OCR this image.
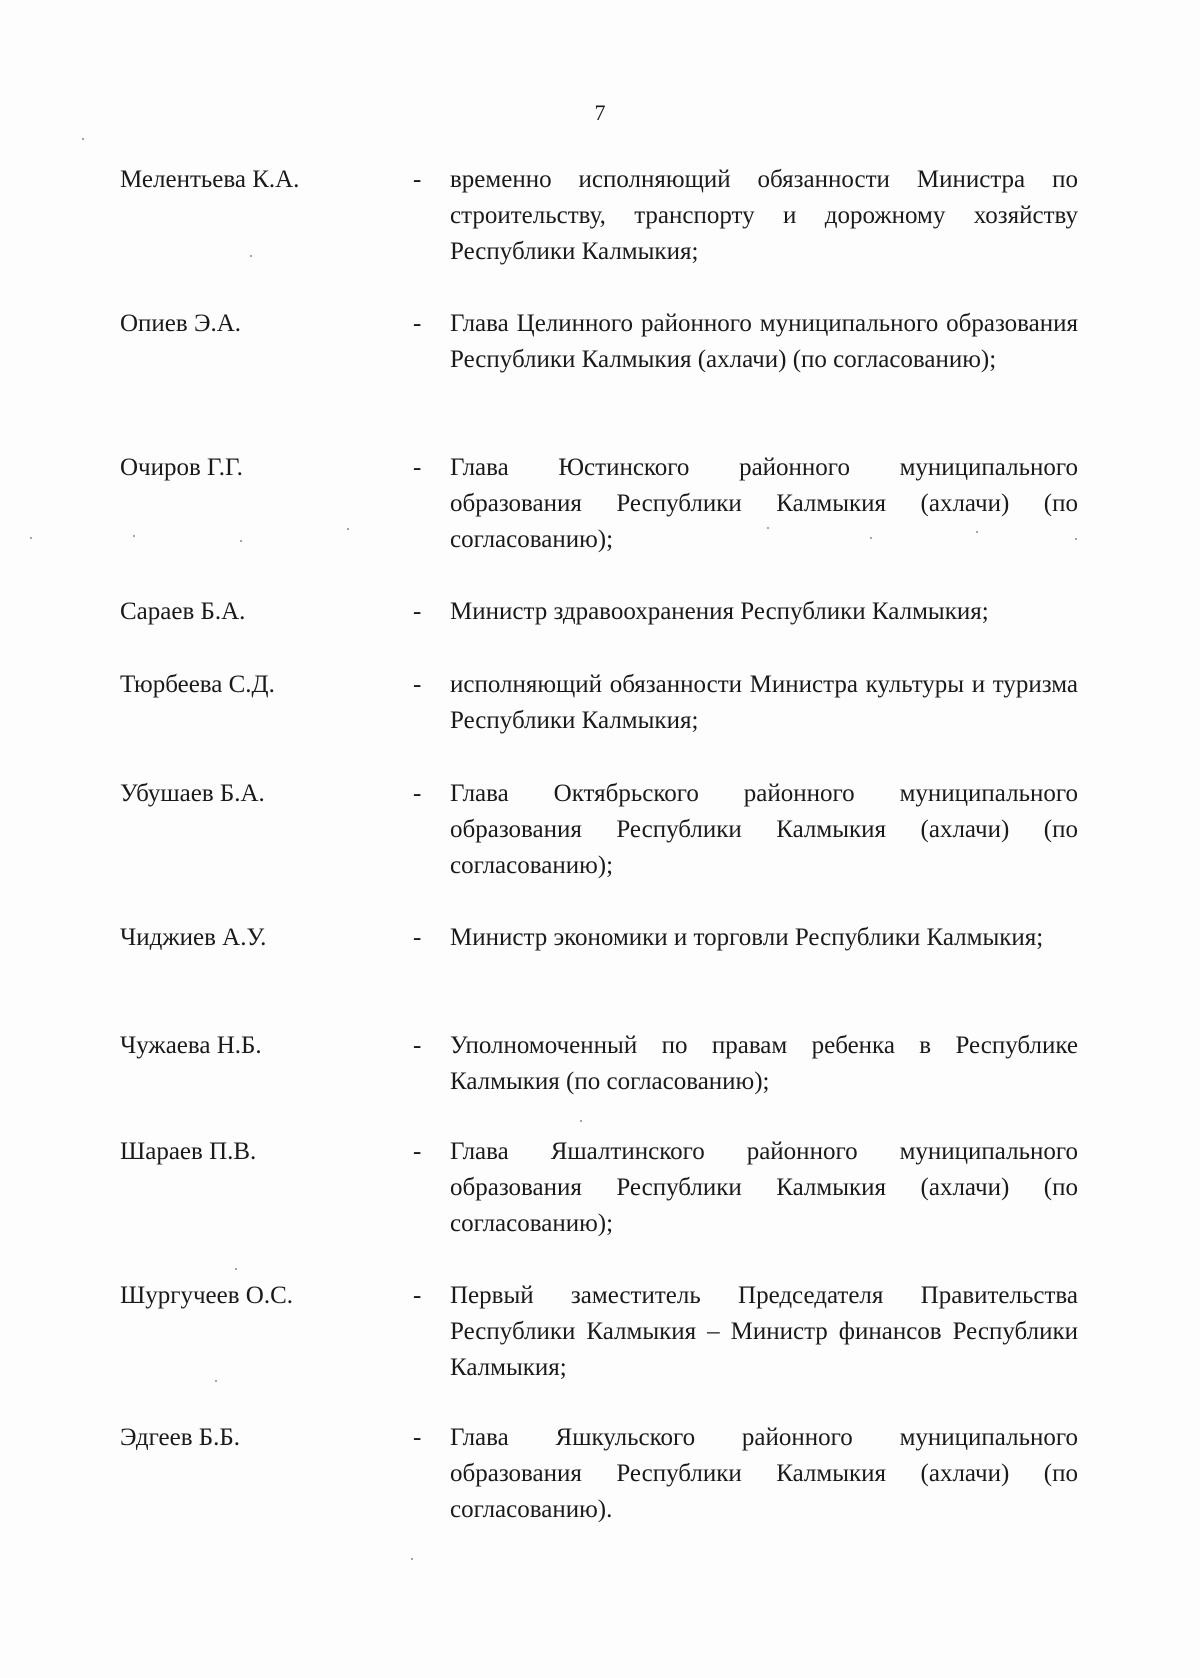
7
Мелентьева К.А.	- временно исполняющий обязанности Министра по строительству, транспорту и дорожному хозяйству Республики Калмыкия;
Опиев Э.А.	- Глава Целинного районного муниципального образования Республики Калмыкия (ахлачи) (по согласованию);
Очиров Г.Г.	- Глава Юстинского районного муниципального образования Республики Калмыкия (ахлачи) (по согласованию);
Сараев Б.А.	- Министр здравоохранения Республики Калмыкия;
Тюрбеева С.Д.	- исполняющий обязанности Министра культуры и туризма Республики Калмыкия;
Убушаев Б.А.	- Глава Октябрьского районного муниципального образования Республики Калмыкия (ахлачи) (по согласованию);
Чиджиев А.У.	- Министр экономики и торговли Республики Калмыкия;
Чужаева Н.Б.	- Уполномоченный по правам ребенка в Республике Калмыкия (по согласованию);
Шараев П.В.	- Глава Яшалтинского районного муниципального образования Республики Калмыкия (ахлачи) (по согласованию);
Шургучеев О.С.	- Первый заместитель Председателя Правительства Республики Калмыкия – Министр финансов Республики Калмыкия;
Эдгеев Б.Б.	- Глава Яшкульского районного муниципального образования Республики Калмыкия (ахлачи) (по согласованию).
